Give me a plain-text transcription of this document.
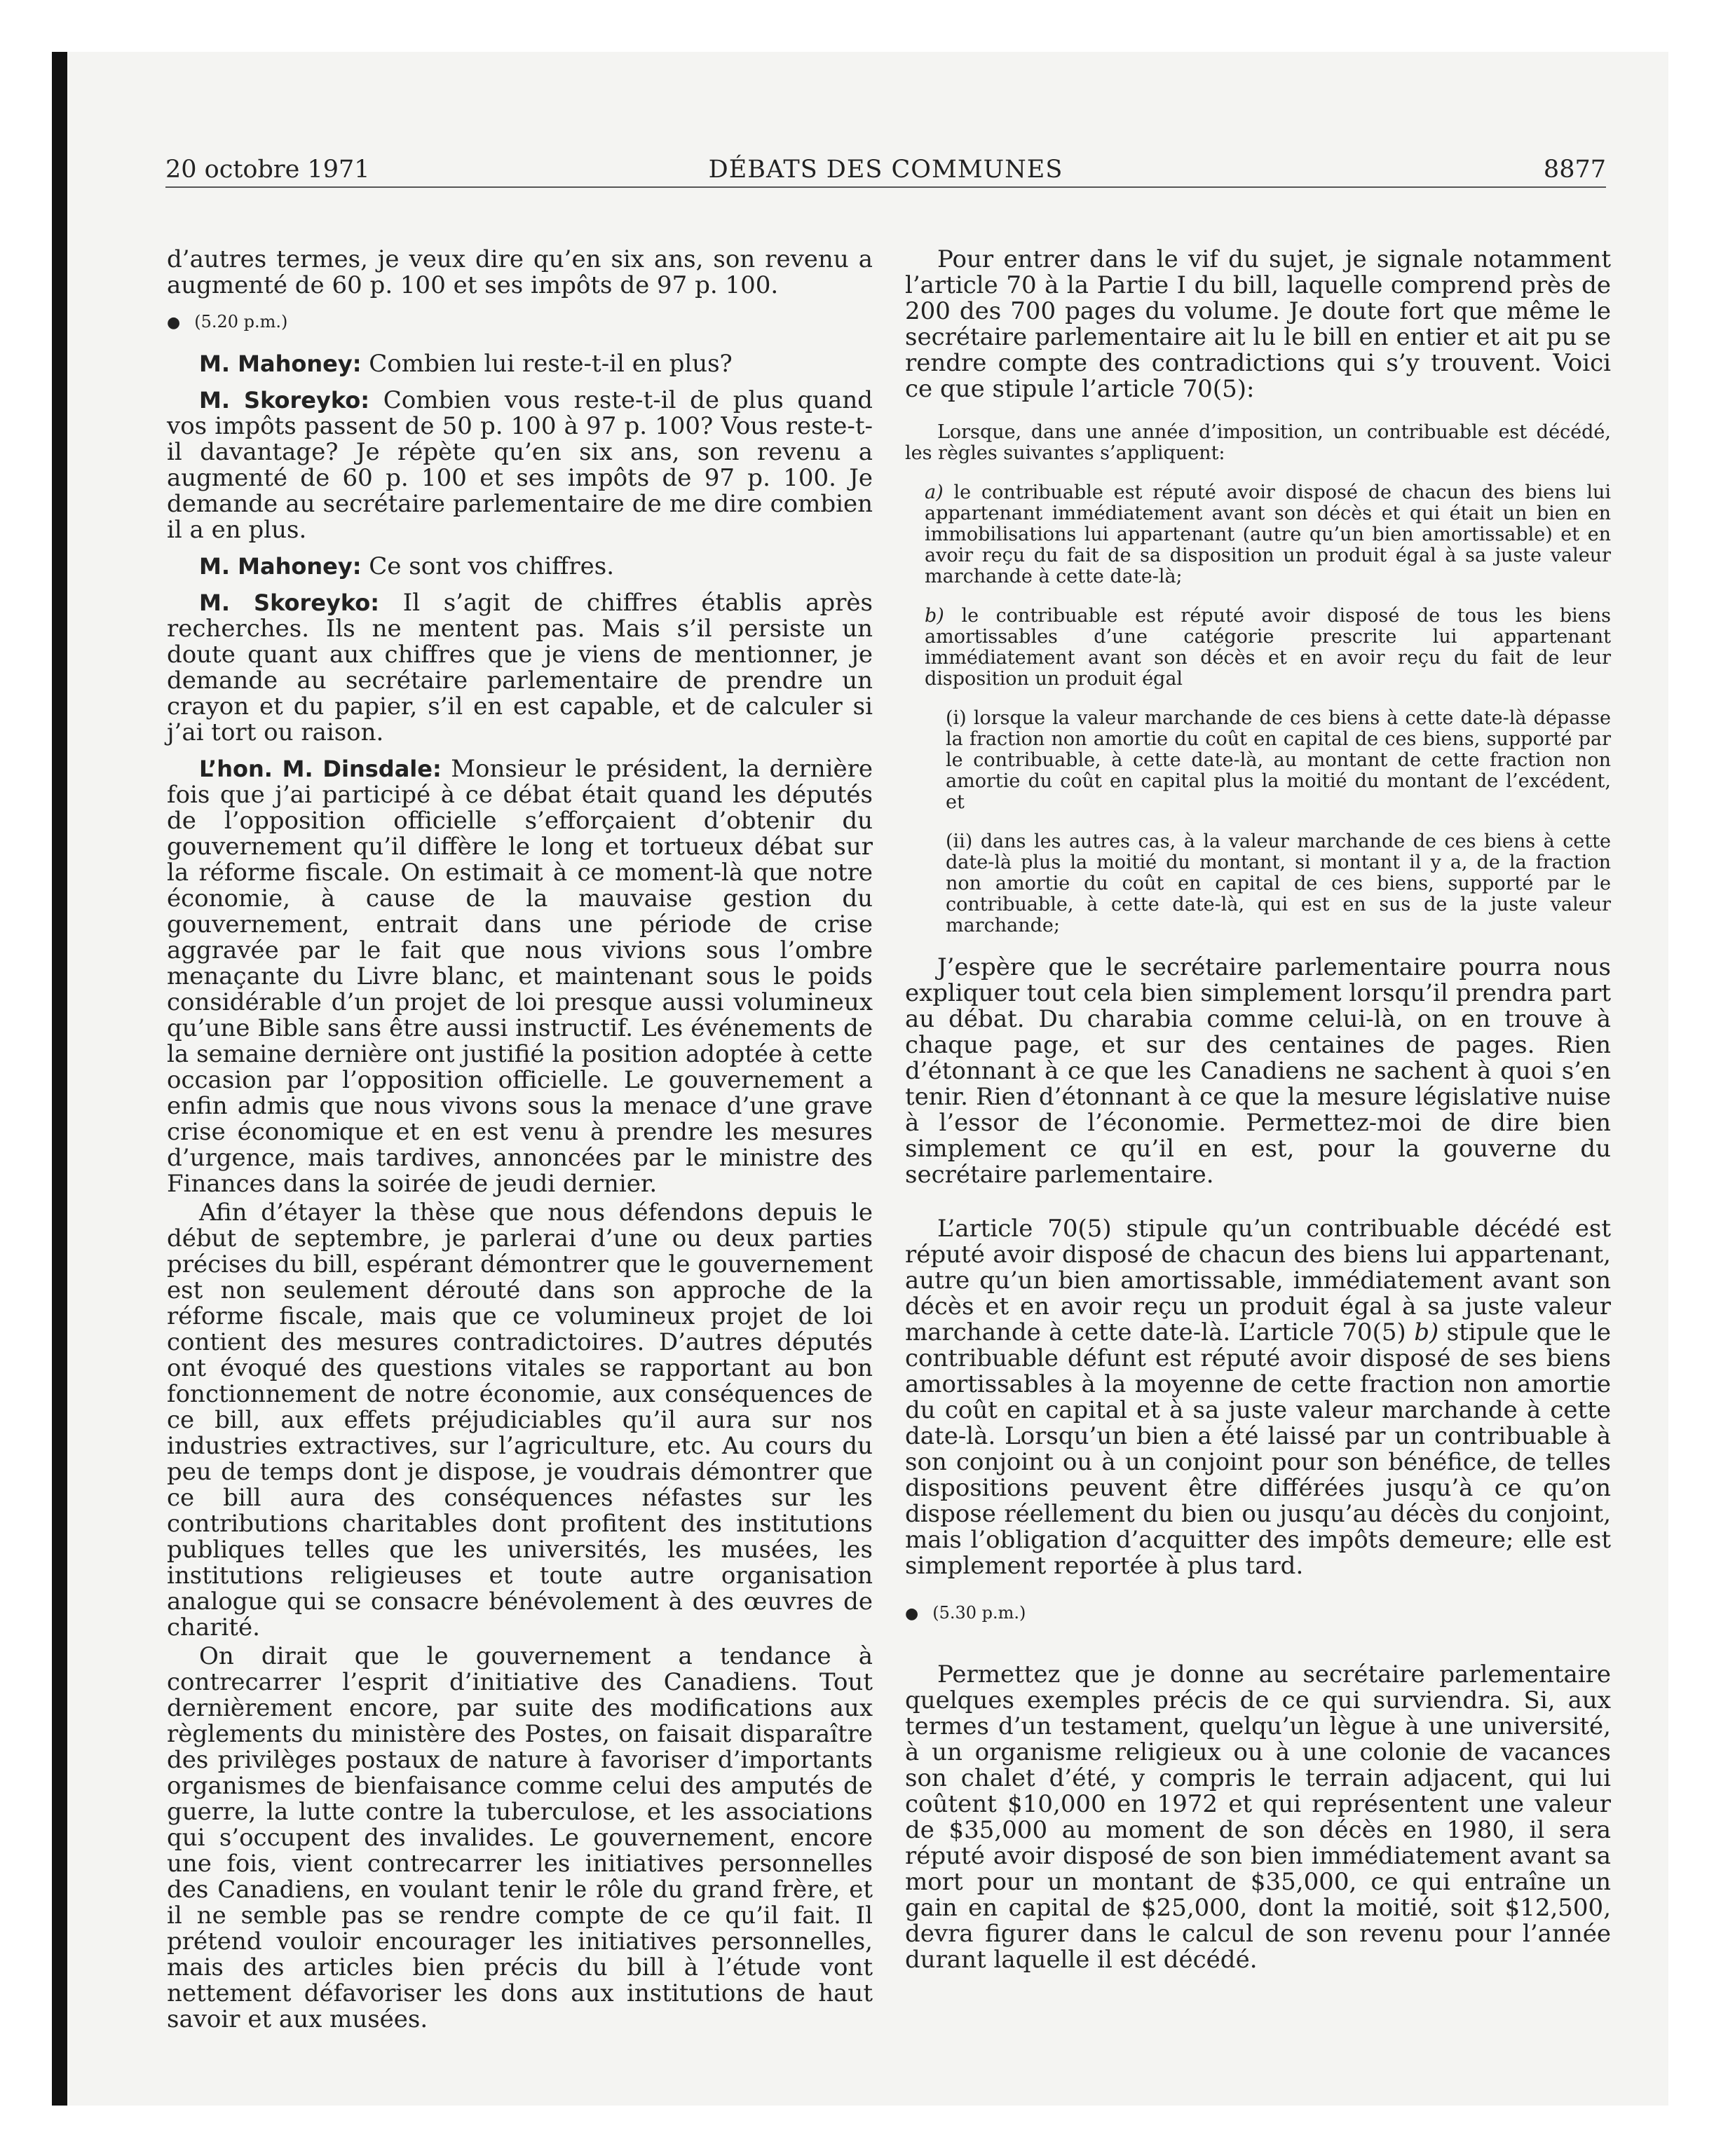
20 octobre 1971	DÉBATS DES COMMUNES	8877

d’autres termes, je veux dire qu’en six ans, son revenu a augmenté de 60 p. 100 et ses impôts de 97 p. 100.

● (5.20 p.m.)

M. Mahoney: Combien lui reste-t-il en plus?

M. Skoreyko: Combien vous reste-t-il de plus quand vos impôts passent de 50 p. 100 à 97 p. 100? Vous reste-t-il davantage? Je répète qu’en six ans, son revenu a augmenté de 60 p. 100 et ses impôts de 97 p. 100. Je demande au secrétaire parlementaire de me dire combien il a en plus.

M. Mahoney: Ce sont vos chiffres.

M. Skoreyko: Il s’agit de chiffres établis après recherches. Ils ne mentent pas. Mais s’il persiste un doute quant aux chiffres que je viens de mentionner, je demande au secrétaire parlementaire de prendre un crayon et du papier, s’il en est capable, et de calculer si j’ai tort ou raison.

L’hon. M. Dinsdale: Monsieur le président, la dernière fois que j’ai participé à ce débat était quand les députés de l’opposition officielle s’efforçaient d’obtenir du gouvernement qu’il diffère le long et tortueux débat sur la réforme fiscale. On estimait à ce moment-là que notre économie, à cause de la mauvaise gestion du gouvernement, entrait dans une période de crise aggravée par le fait que nous vivions sous l’ombre menaçante du Livre blanc, et maintenant sous le poids considérable d’un projet de loi presque aussi volumineux qu’une Bible sans être aussi instructif. Les événements de la semaine dernière ont justifié la position adoptée à cette occasion par l’opposition officielle. Le gouvernement a enfin admis que nous vivons sous la menace d’une grave crise économique et en est venu à prendre les mesures d’urgence, mais tardives, annoncées par le ministre des Finances dans la soirée de jeudi dernier.

Afin d’étayer la thèse que nous défendons depuis le début de septembre, je parlerai d’une ou deux parties précises du bill, espérant démontrer que le gouvernement est non seulement dérouté dans son approche de la réforme fiscale, mais que ce volumineux projet de loi contient des mesures contradictoires. D’autres députés ont évoqué des questions vitales se rapportant au bon fonctionnement de notre économie, aux conséquences de ce bill, aux effets préjudiciables qu’il aura sur nos industries extractives, sur l’agriculture, etc. Au cours du peu de temps dont je dispose, je voudrais démontrer que ce bill aura des conséquences néfastes sur les contributions charitables dont profitent des institutions publiques telles que les universités, les musées, les institutions religieuses et toute autre organisation analogue qui se consacre bénévolement à des œuvres de charité.

On dirait que le gouvernement a tendance à contrecarrer l’esprit d’initiative des Canadiens. Tout dernièrement encore, par suite des modifications aux règlements du ministère des Postes, on faisait disparaître des privilèges postaux de nature à favoriser d’importants organismes de bienfaisance comme celui des amputés de guerre, la lutte contre la tuberculose, et les associations qui s’occupent des invalides. Le gouvernement, encore une fois, vient contrecarrer les initiatives personnelles des Canadiens, en voulant tenir le rôle du grand frère, et il ne semble pas se rendre compte de ce qu’il fait. Il prétend vouloir encourager les initiatives personnelles, mais des articles bien précis du bill à l’étude vont nettement défavoriser les dons aux institutions de haut savoir et aux musées.

Pour entrer dans le vif du sujet, je signale notamment l’article 70 à la Partie I du bill, laquelle comprend près de 200 des 700 pages du volume. Je doute fort que même le secrétaire parlementaire ait lu le bill en entier et ait pu se rendre compte des contradictions qui s’y trouvent. Voici ce que stipule l’article 70(5):

Lorsque, dans une année d’imposition, un contribuable est décédé, les règles suivantes s’appliquent:

a) le contribuable est réputé avoir disposé de chacun des biens lui appartenant immédiatement avant son décès et qui était un bien en immobilisations lui appartenant (autre qu’un bien amortissable) et en avoir reçu du fait de sa disposition un produit égal à sa juste valeur marchande à cette date-là;

b) le contribuable est réputé avoir disposé de tous les biens amortissables d’une catégorie prescrite lui appartenant immédiatement avant son décès et en avoir reçu du fait de leur disposition un produit égal

(i) lorsque la valeur marchande de ces biens à cette date-là dépasse la fraction non amortie du coût en capital de ces biens, supporté par le contribuable, à cette date-là, au montant de cette fraction non amortie du coût en capital plus la moitié du montant de l’excédent, et

(ii) dans les autres cas, à la valeur marchande de ces biens à cette date-là plus la moitié du montant, si montant il y a, de la fraction non amortie du coût en capital de ces biens, supporté par le contribuable, à cette date-là, qui est en sus de la juste valeur marchande;

J’espère que le secrétaire parlementaire pourra nous expliquer tout cela bien simplement lorsqu’il prendra part au débat. Du charabia comme celui-là, on en trouve à chaque page, et sur des centaines de pages. Rien d’étonnant à ce que les Canadiens ne sachent à quoi s’en tenir. Rien d’étonnant à ce que la mesure législative nuise à l’essor de l’économie. Permettez-moi de dire bien simplement ce qu’il en est, pour la gouverne du secrétaire parlementaire.

L’article 70(5) stipule qu’un contribuable décédé est réputé avoir disposé de chacun des biens lui appartenant, autre qu’un bien amortissable, immédiatement avant son décès et en avoir reçu un produit égal à sa juste valeur marchande à cette date-là. L’article 70(5) b) stipule que le contribuable défunt est réputé avoir disposé de ses biens amortissables à la moyenne de cette fraction non amortie du coût en capital et à sa juste valeur marchande à cette date-là. Lorsqu’un bien a été laissé par un contribuable à son conjoint ou à un conjoint pour son bénéfice, de telles dispositions peuvent être différées jusqu’à ce qu’on dispose réellement du bien ou jusqu’au décès du conjoint, mais l’obligation d’acquitter des impôts demeure; elle est simplement reportée à plus tard.

● (5.30 p.m.)

Permettez que je donne au secrétaire parlementaire quelques exemples précis de ce qui surviendra. Si, aux termes d’un testament, quelqu’un lègue à une université, à un organisme religieux ou à une colonie de vacances son chalet d’été, y compris le terrain adjacent, qui lui coûtent $10,000 en 1972 et qui représentent une valeur de $35,000 au moment de son décès en 1980, il sera réputé avoir disposé de son bien immédiatement avant sa mort pour un montant de $35,000, ce qui entraîne un gain en capital de $25,000, dont la moitié, soit $12,500, devra figurer dans le calcul de son revenu pour l’année durant laquelle il est décédé.
